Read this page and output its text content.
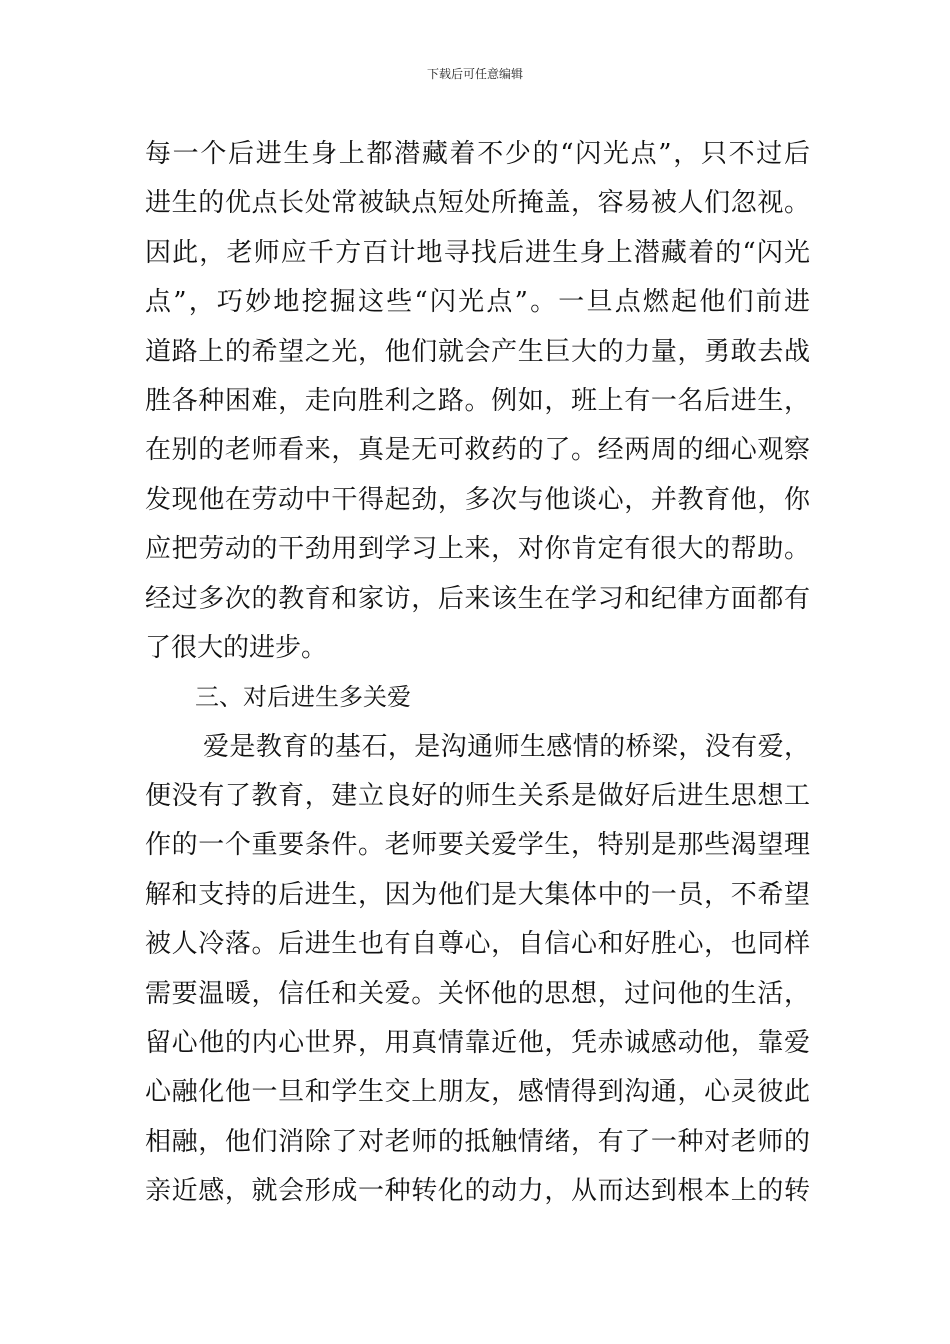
下载后可任意编辑
每一个后进生身上都潜藏着不少的“闪光点”，只不过后
进生的优点长处常被缺点短处所掩盖，容易被人们忽视。
因此，老师应千方百计地寻找后进生身上潜藏着的“闪光
点”，巧妙地挖掘这些“闪光点”。一旦点燃起他们前进
道路上的希望之光，他们就会产生巨大的力量，勇敢去战
胜各种困难，走向胜利之路。例如，班上有一名后进生，
在别的老师看来，真是无可救药的了。经两周的细心观察
发现他在劳动中干得起劲，多次与他谈心，并教育他，你
应把劳动的干劲用到学习上来，对你肯定有很大的帮助。
经过多次的教育和家访，后来该生在学习和纪律方面都有
了很大的进步。
三、对后进生多关爱
爱是教育的基石，是沟通师生感情的桥梁，没有爱，
便没有了教育，建立良好的师生关系是做好后进生思想工
作的一个重要条件。老师要关爱学生，特别是那些渴望理
解和支持的后进生，因为他们是大集体中的一员，不希望
被人冷落。后进生也有自尊心，自信心和好胜心，也同样
需要温暖，信任和关爱。关怀他的思想，过问他的生活，
留心他的内心世界，用真情靠近他，凭赤诚感动他，靠爱
心融化他一旦和学生交上朋友，感情得到沟通，心灵彼此
相融，他们消除了对老师的抵触情绪，有了一种对老师的
亲近感，就会形成一种转化的动力，从而达到根本上的转
